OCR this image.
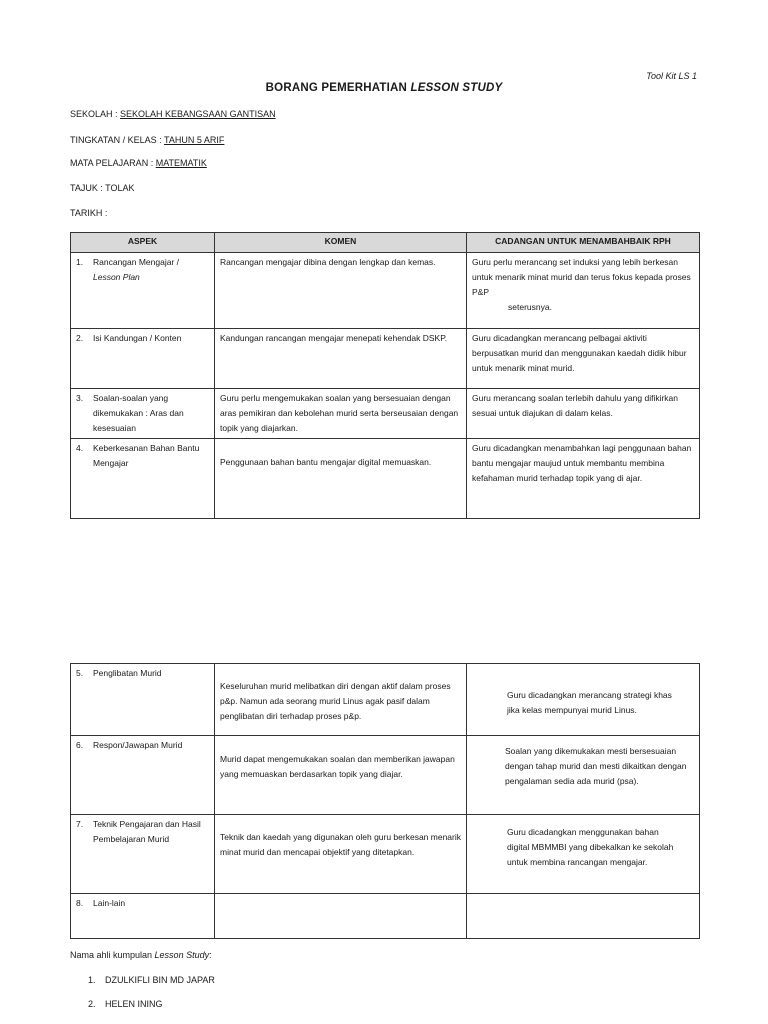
Tool Kit LS 1
BORANG PEMERHATIAN LESSON STUDY
SEKOLAH : SEKOLAH KEBANGSAAN GANTISAN
TINGKATAN / KELAS : TAHUN 5 ARIF
MATA PELAJARAN : MATEMATIK
TAJUK : TOLAK
TARIKH :
ASPEK	KOMEN	CADANGAN UNTUK MENAMBAHBAIK RPH

1. Rancangan Mengajar /
Lesson Plan	Rancangan mengajar dibina dengan lengkap dan kemas.	Guru perlu merancang set induksi yang lebih berkesan untuk menarik minat murid dan terus fokus kepada proses P&P
seterusnya.

2. Isi Kandungan / Konten	Kandungan rancangan mengajar menepati kehendak DSKP.	Guru dicadangkan merancang pelbagai aktiviti berpusatkan murid dan menggunakan kaedah didik hibur untuk menarik minat murid.

3. Soalan-soalan yang dikemukakan : Aras dan kesesuaian	Guru perlu mengemukakan soalan yang bersesuaian dengan aras pemikiran dan kebolehan murid serta berseusaian dengan topik yang diajarkan.	Guru merancang soalan terlebih dahulu yang difikirkan sesuai untuk diajukan di dalam kelas.

4. Keberkesanan Bahan Bantu Mengajar	Penggunaan bahan bantu mengajar digital memuaskan.	Guru dicadangkan menambahkan lagi penggunaan bahan bantu mengajar maujud untuk membantu membina kefahaman murid terhadap topik yang di ajar.
5. Penglibatan Murid	Keseluruhan murid melibatkan diri dengan aktif dalam proses p&p. Namun ada seorang murid Linus agak pasif dalam penglibatan diri terhadap proses p&p.	Guru dicadangkan merancang strategi khas jika kelas mempunyai murid Linus.

6. Respon/Jawapan Murid	Murid dapat mengemukakan soalan dan memberikan jawapan yang memuaskan berdasarkan topik yang diajar.	Soalan yang dikemukakan mesti bersesuaian dengan tahap murid dan mesti dikaitkan dengan pengalaman sedia ada murid (psa).

7. Teknik Pengajaran dan Hasil Pembelajaran Murid	Teknik dan kaedah yang digunakan oleh guru berkesan menarik minat murid dan mencapai objektif yang ditetapkan.	Guru dicadangkan menggunakan bahan digital MBMMBI yang dibekalkan ke sekolah untuk membina rancangan mengajar.

8. Lain-lain		

Nama ahli kumpulan Lesson Study:
1. DZULKIFLI BIN MD JAPAR
2. HELEN INING
